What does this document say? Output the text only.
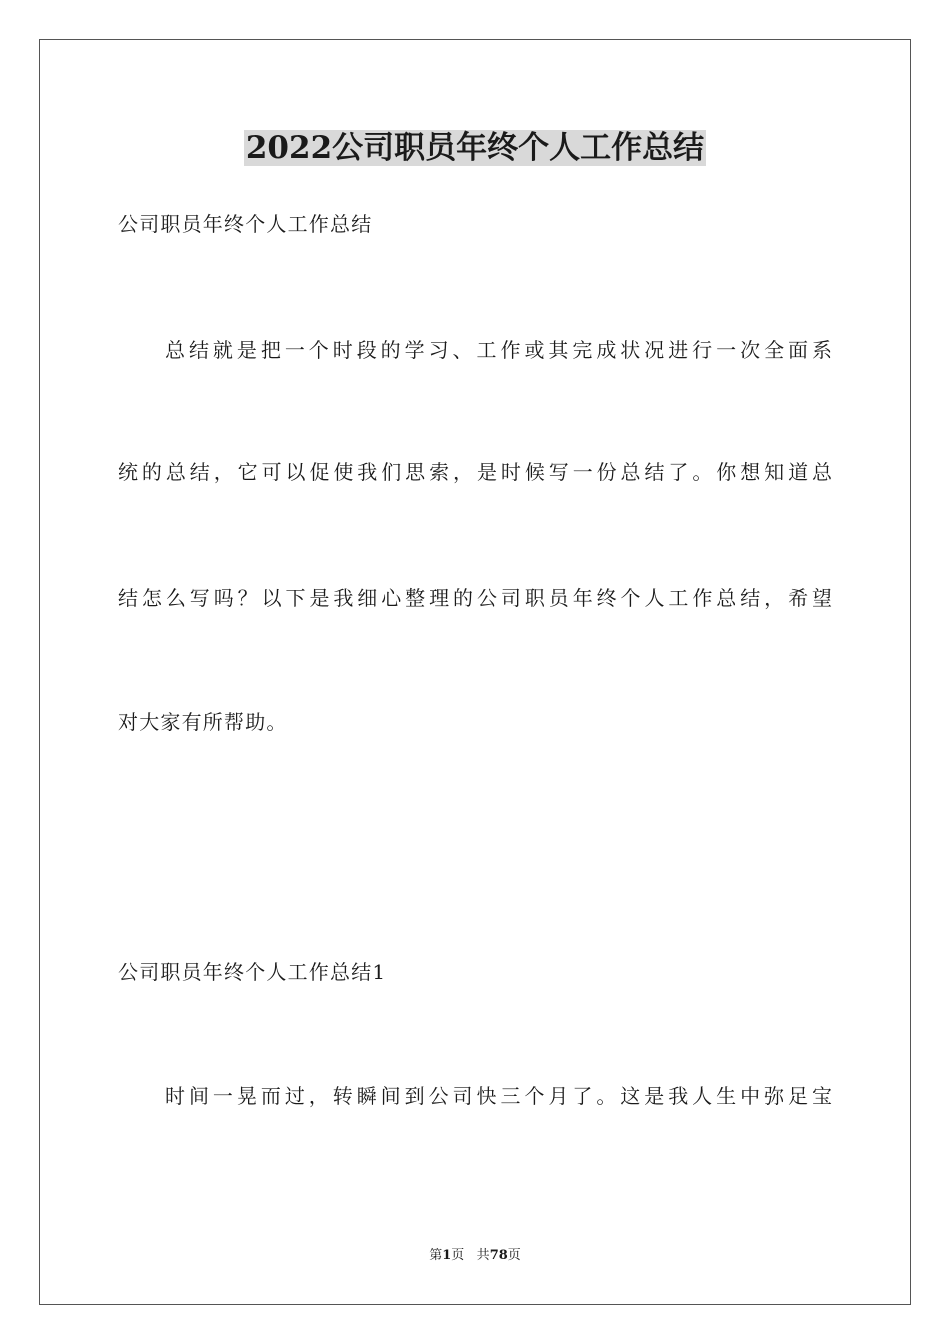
2022公司职员年终个人工作总结

公司职员年终个人工作总结

总结就是把一个时段的学习、工作或其完成状况进行一次全面系

统的总结，它可以促使我们思索，是时候写一份总结了。你想知道总

结怎么写吗？以下是我细心整理的公司职员年终个人工作总结，希望

对大家有所帮助。

公司职员年终个人工作总结1

时间一晃而过，转瞬间到公司快三个月了。这是我人生中弥足宝

第1页 共78页
